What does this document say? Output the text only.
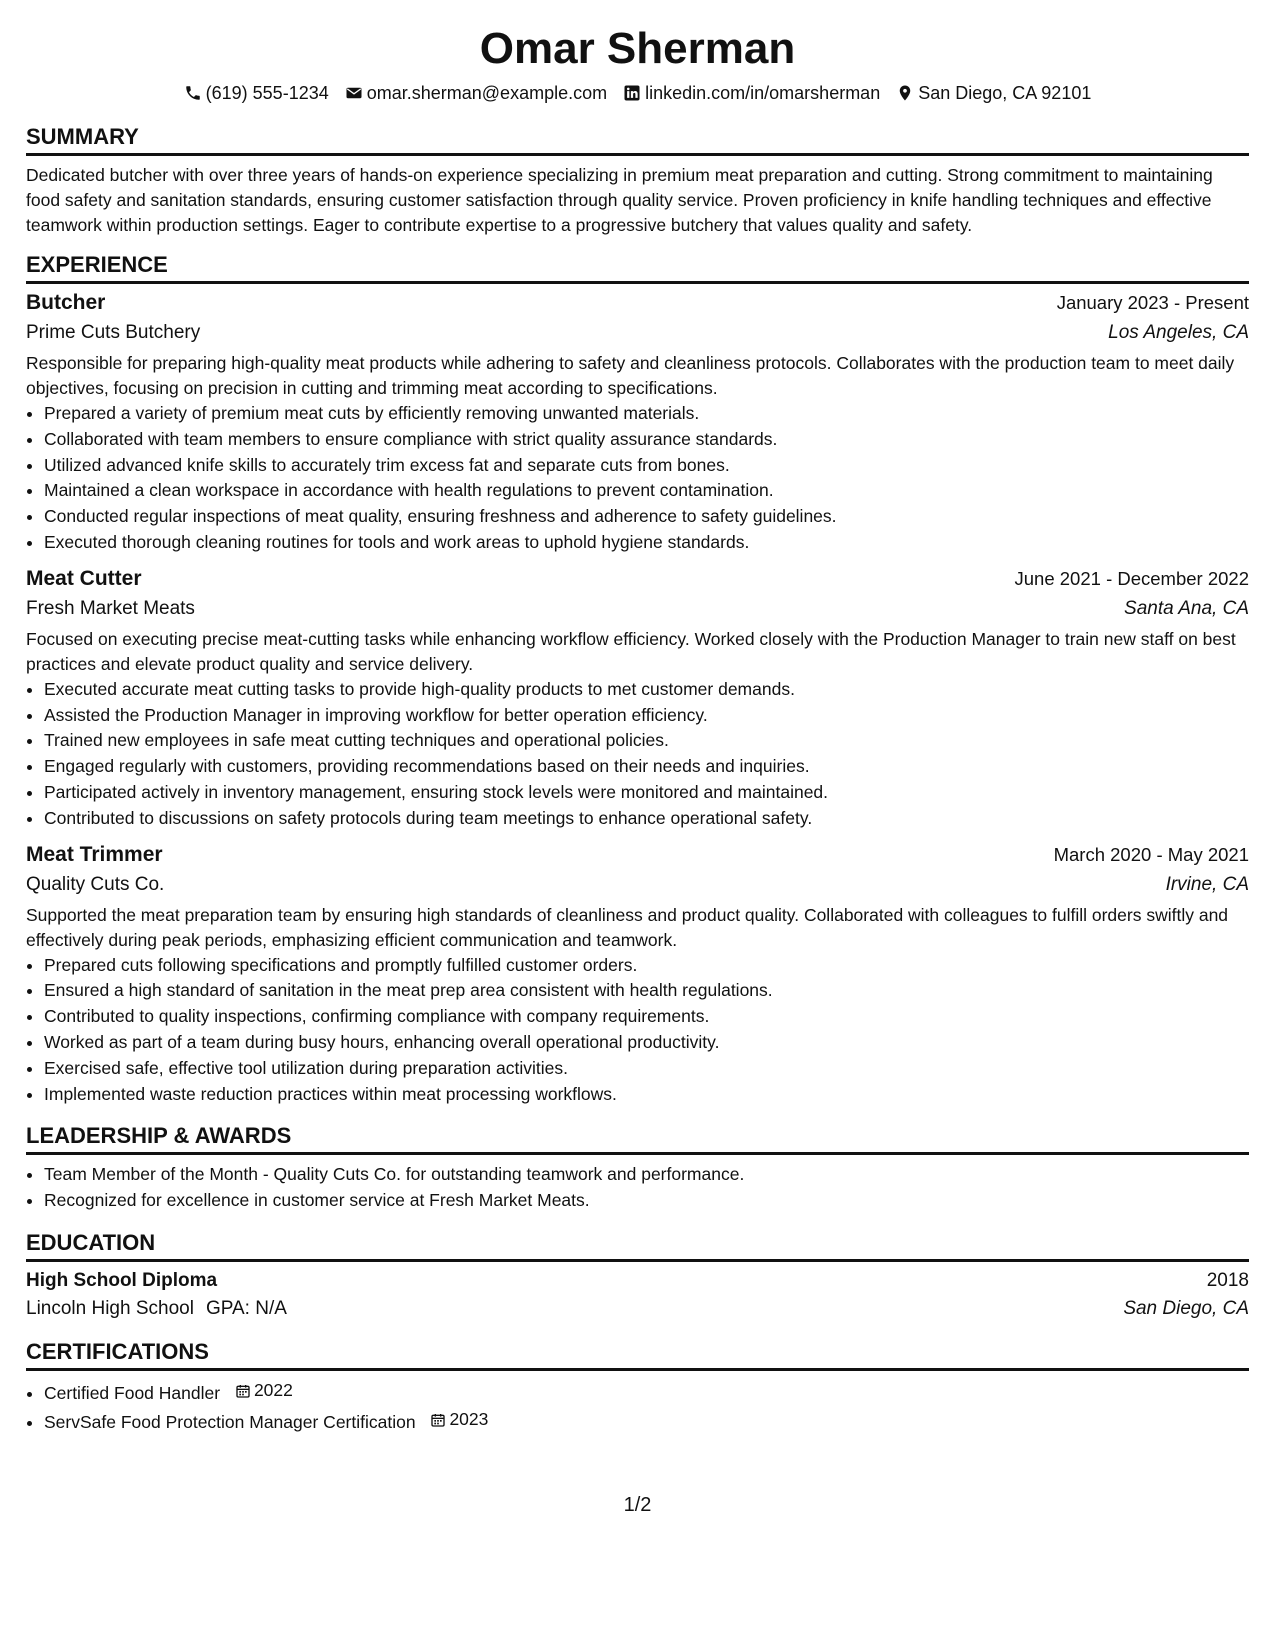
Omar Sherman
(619) 555-1234 omar.sherman@example.com linkedin.com/in/omarsherman San Diego, CA 92101
SUMMARY

Dedicated butcher with over three years of hands-on experience specializing in premium meat preparation and cutting. Strong commitment to maintaining food safety and sanitation standards, ensuring customer satisfaction through quality service. Proven proficiency in knife handling techniques and effective teamwork within production settings. Eager to contribute expertise to a progressive butchery that values quality and safety.

EXPERIENCE
Butcher	January 2023 - Present
Prime Cuts Butchery	Los Angeles, CA

Responsible for preparing high-quality meat products while adhering to safety and cleanliness protocols. Collaborates with the production team to meet daily objectives, focusing on precision in cutting and trimming meat according to specifications.

• Prepared a variety of premium meat cuts by efficiently removing unwanted materials.
• Collaborated with team members to ensure compliance with strict quality assurance standards.
• Utilized advanced knife skills to accurately trim excess fat and separate cuts from bones.
• Maintained a clean workspace in accordance with health regulations to prevent contamination.
• Conducted regular inspections of meat quality, ensuring freshness and adherence to safety guidelines.
• Executed thorough cleaning routines for tools and work areas to uphold hygiene standards.
Meat Cutter	June 2021 - December 2022
Fresh Market Meats	Santa Ana, CA

Focused on executing precise meat-cutting tasks while enhancing workflow efficiency. Worked closely with the Production Manager to train new staff on best practices and elevate product quality and service delivery.

• Executed accurate meat cutting tasks to provide high-quality products to met customer demands.
• Assisted the Production Manager in improving workflow for better operation efficiency.
• Trained new employees in safe meat cutting techniques and operational policies.
• Engaged regularly with customers, providing recommendations based on their needs and inquiries.
• Participated actively in inventory management, ensuring stock levels were monitored and maintained.
• Contributed to discussions on safety protocols during team meetings to enhance operational safety.
Meat Trimmer	March 2020 - May 2021
Quality Cuts Co.	Irvine, CA

Supported the meat preparation team by ensuring high standards of cleanliness and product quality. Collaborated with colleagues to fulfill orders swiftly and effectively during peak periods, emphasizing efficient communication and teamwork.

• Prepared cuts following specifications and promptly fulfilled customer orders.
• Ensured a high standard of sanitation in the meat prep area consistent with health regulations.
• Contributed to quality inspections, confirming compliance with company requirements.
• Worked as part of a team during busy hours, enhancing overall operational productivity.
• Exercised safe, effective tool utilization during preparation activities.
• Implemented waste reduction practices within meat processing workflows.
LEADERSHIP & AWARDS
• Team Member of the Month - Quality Cuts Co. for outstanding teamwork and performance.
• Recognized for excellence in customer service at Fresh Market Meats.
EDUCATION
High School Diploma	2018
Lincoln High School GPA: N/A	San Diego, CA
CERTIFICATIONS
• Certified Food Handler 2022
• ServSafe Food Protection Manager Certification 2023
1/2
